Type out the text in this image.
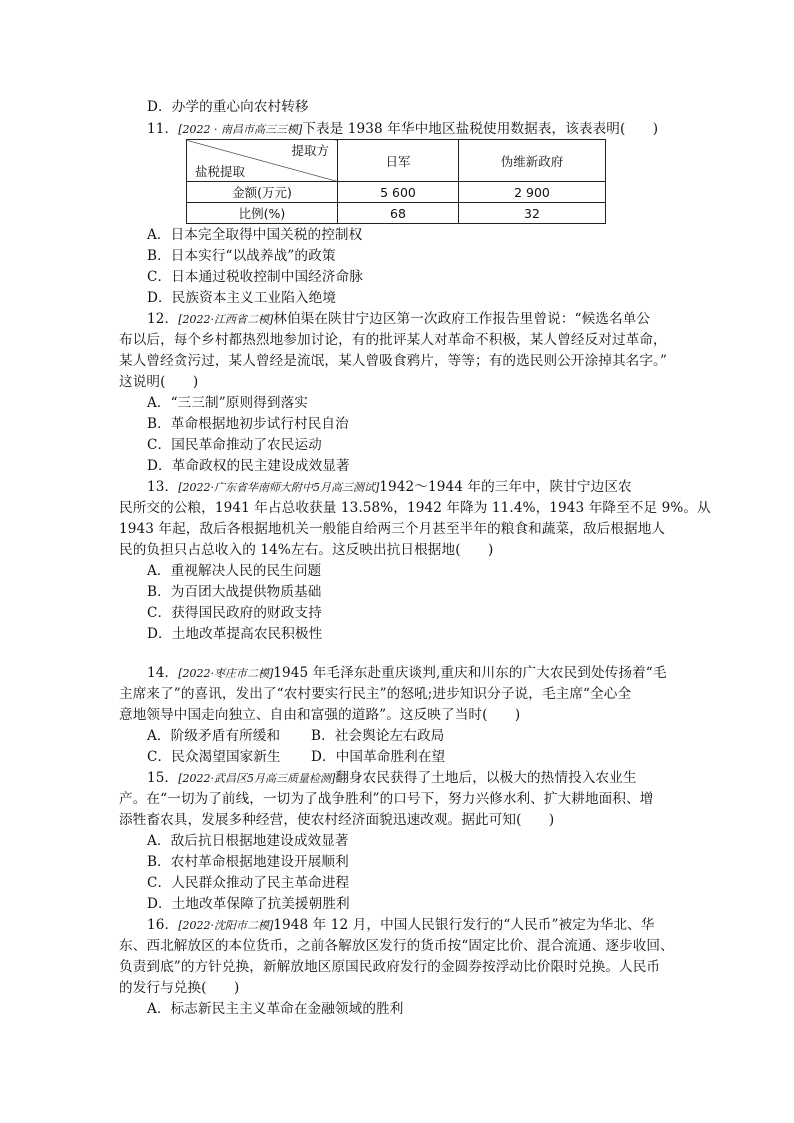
D．办学的重心向农村转移
11．[2022 · 南昌市高三三模]下表是 1938 年华中地区盐税使用数据表，该表表明(　　)
提取方
盐税提取	日军	伪维新政府
金额(万元)	5 600	2 900
比例(%)	68	32
A．日本完全取得中国关税的控制权
B．日本实行“以战养战”的政策
C．日本通过税收控制中国经济命脉
D．民族资本主义工业陷入绝境
12．[2022·江西省二模]林伯渠在陕甘宁边区第一次政府工作报告里曾说：“候选名单公
布以后，每个乡村都热烈地参加讨论，有的批评某人对革命不积极，某人曾经反对过革命，
某人曾经贪污过，某人曾经是流氓，某人曾吸食鸦片，等等；有的选民则公开涂掉其名字。”
这说明(　　)
A．“三三制”原则得到落实
B．革命根据地初步试行村民自治
C．国民革命推动了农民运动
D．革命政权的民主建设成效显著
13．[2022·广东省华南师大附中5月高三测试]1942～1944 年的三年中，陕甘宁边区农
民所交的公粮，1941 年占总收获量 13.58%，1942 年降为 11.4%，1943 年降至不足 9%。从
1943 年起，敌后各根据地机关一般能自给两三个月甚至半年的粮食和蔬菜，敌后根据地人
民的负担只占总收入的 14%左右。这反映出抗日根据地(　　)
A．重视解决人民的民生问题
B．为百团大战提供物质基础
C．获得国民政府的财政支持
D．土地改革提高农民积极性
14．[2022·枣庄市二模]1945 年毛泽东赴重庆谈判,重庆和川东的广大农民到处传扬着“毛
主席来了”的喜讯，发出了“农村要实行民主”的怒吼;进步知识分子说，毛主席“全心全
意地领导中国走向独立、自由和富强的道路”。这反映了当时(　　)
A．阶级矛盾有所缓和 B．社会舆论左右政局
C．民众渴望国家新生 D．中国革命胜利在望
15．[2022·武昌区5月高三质量检测]翻身农民获得了土地后，以极大的热情投入农业生
产。在“一切为了前线，一切为了战争胜利”的口号下，努力兴修水利、扩大耕地面积、增
添牲畜农具，发展多种经营，使农村经济面貌迅速改观。据此可知(　　)
A．敌后抗日根据地建设成效显著
B．农村革命根据地建设开展顺利
C．人民群众推动了民主革命进程
D．土地改革保障了抗美援朝胜利
16．[2022·沈阳市二模]1948 年 12 月，中国人民银行发行的“人民币”被定为华北、华
东、西北解放区的本位货币，之前各解放区发行的货币按“固定比价、混合流通、逐步收回、
负责到底”的方针兑换，新解放地区原国民政府发行的金圆券按浮动比价限时兑换。人民币
的发行与兑换(　　)
A．标志新民主主义革命在金融领域的胜利
